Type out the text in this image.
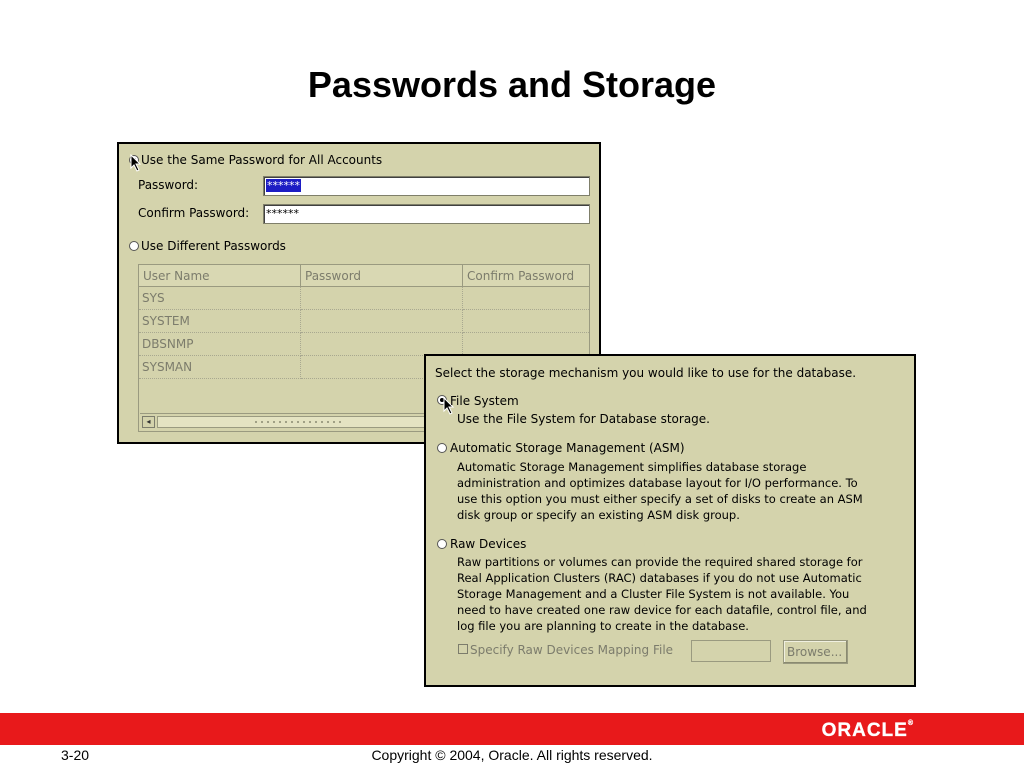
Passwords and Storage
Use the Same Password for All Accounts
Password:	******
Confirm Password: ******
Use Different Passwords
User Name	Password	Confirm Password
SYS
SYSTEM
DBSNMP
SYSMAN
◂
Select the storage mechanism you would like to use for the database.
File System
Use the File System for Database storage.
Automatic Storage Management (ASM)
Automatic Storage Management simplifies database storage
administration and optimizes database layout for I/O performance. To
use this option you must either specify a set of disks to create an ASM
disk group or specify an existing ASM disk group.
Raw Devices
Raw partitions or volumes can provide the required shared storage for
Real Application Clusters (RAC) databases if you do not use Automatic
Storage Management and a Cluster File System is not available. You
need to have created one raw device for each datafile, control file, and
log file you are planning to create in the database.
Specify Raw Devices Mapping File	Browse...
ORACLE®
3-20	Copyright © 2004, Oracle. All rights reserved.
